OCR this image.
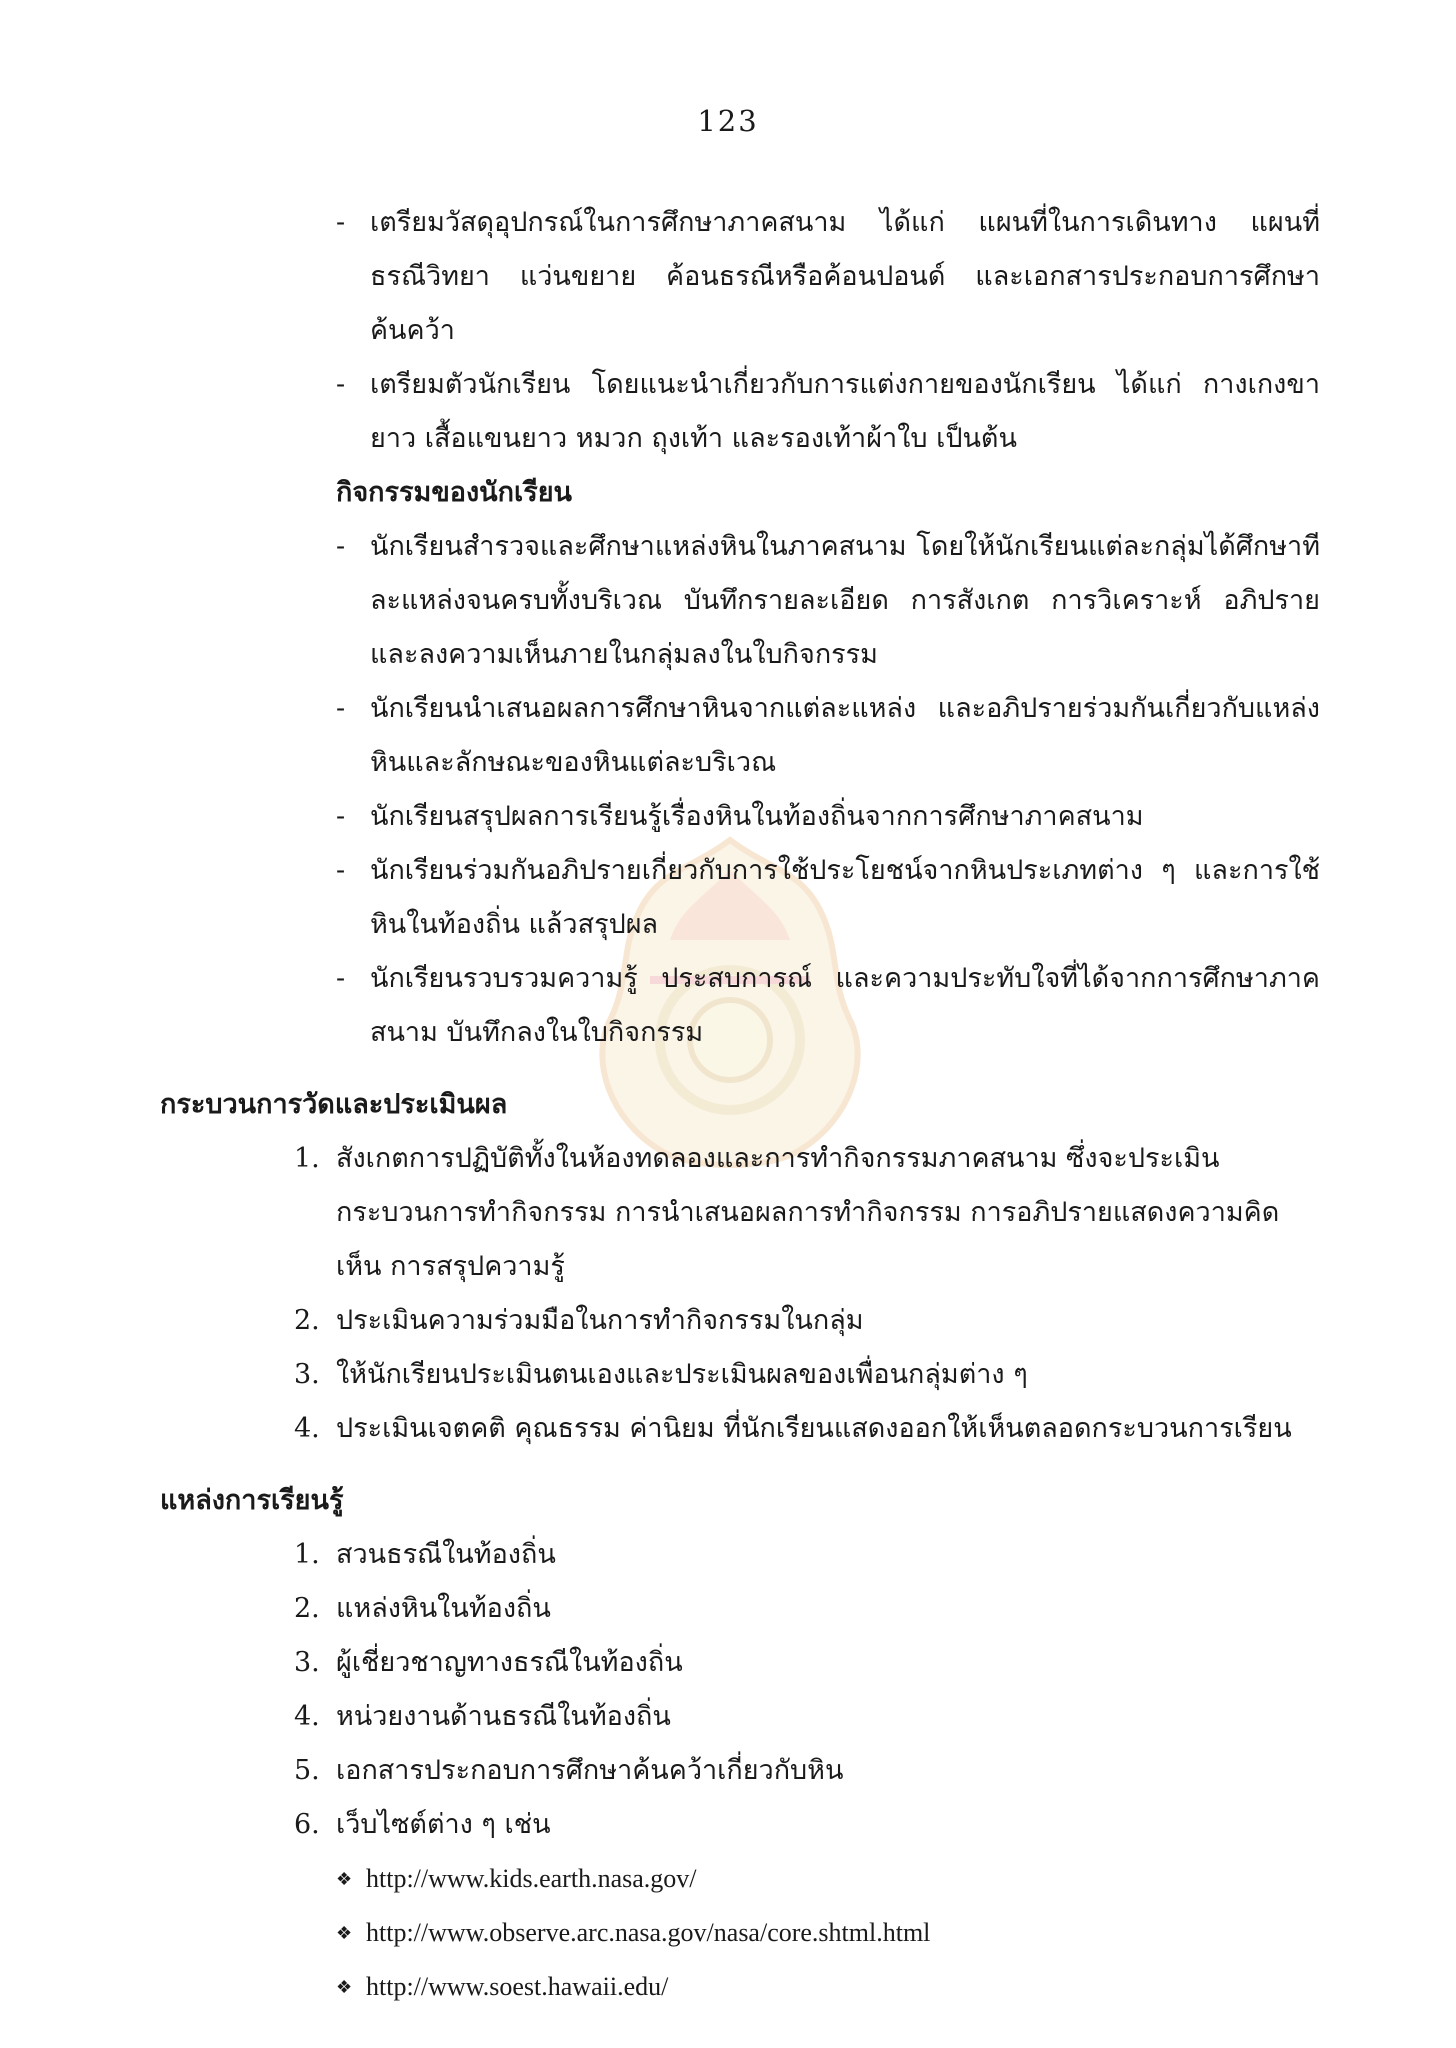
123
- เตรียมวัสดุอุปกรณ์ในการศึกษาภาคสนาม ได้แก่ แผนที่ในการเดินทาง แผนที่ธรณีวิทยา แว่นขยาย ค้อนธรณีหรือค้อนปอนด์ และเอกสารประกอบการศึกษาค้นคว้า
- เตรียมตัวนักเรียน โดยแนะนำเกี่ยวกับการแต่งกายของนักเรียน ได้แก่ กางเกงขายาว เสื้อแขนยาว หมวก ถุงเท้า และรองเท้าผ้าใบ เป็นต้น
กิจกรรมของนักเรียน
- นักเรียนสำรวจและศึกษาแหล่งหินในภาคสนาม โดยให้นักเรียนแต่ละกลุ่มได้ศึกษาทีละแหล่งจนครบทั้งบริเวณ บันทึกรายละเอียด การสังเกต การวิเคราะห์ อภิปราย และลงความเห็นภายในกลุ่มลงในใบกิจกรรม
- นักเรียนนำเสนอผลการศึกษาหินจากแต่ละแหล่ง และอภิปรายร่วมกันเกี่ยวกับแหล่งหินและลักษณะของหินแต่ละบริเวณ
- นักเรียนสรุปผลการเรียนรู้เรื่องหินในท้องถิ่นจากการศึกษาภาคสนาม
- นักเรียนร่วมกันอภิปรายเกี่ยวกับการใช้ประโยชน์จากหินประเภทต่าง ๆ และการใช้หินในท้องถิ่น แล้วสรุปผล
- นักเรียนรวบรวมความรู้ ประสบการณ์ และความประทับใจที่ได้จากการศึกษาภาคสนาม บันทึกลงในใบกิจกรรม
กระบวนการวัดและประเมินผล
1. สังเกตการปฏิบัติทั้งในห้องทดลองและการทำกิจกรรมภาคสนาม ซึ่งจะประเมินกระบวนการทำกิจกรรม การนำเสนอผลการทำกิจกรรม การอภิปรายแสดงความคิดเห็น การสรุปความรู้
2. ประเมินความร่วมมือในการทำกิจกรรมในกลุ่ม
3. ให้นักเรียนประเมินตนเองและประเมินผลของเพื่อนกลุ่มต่าง ๆ
4. ประเมินเจตคติ คุณธรรม ค่านิยม ที่นักเรียนแสดงออกให้เห็นตลอดกระบวนการเรียน
แหล่งการเรียนรู้
1. สวนธรณีในท้องถิ่น
2. แหล่งหินในท้องถิ่น
3. ผู้เชี่ยวชาญทางธรณีในท้องถิ่น
4. หน่วยงานด้านธรณีในท้องถิ่น
5. เอกสารประกอบการศึกษาค้นคว้าเกี่ยวกับหิน
6. เว็บไซต์ต่าง ๆ เช่น
❖ http://www.kids.earth.nasa.gov/
❖ http://www.observe.arc.nasa.gov/nasa/core.shtml.html
❖ http://www.soest.hawaii.edu/
